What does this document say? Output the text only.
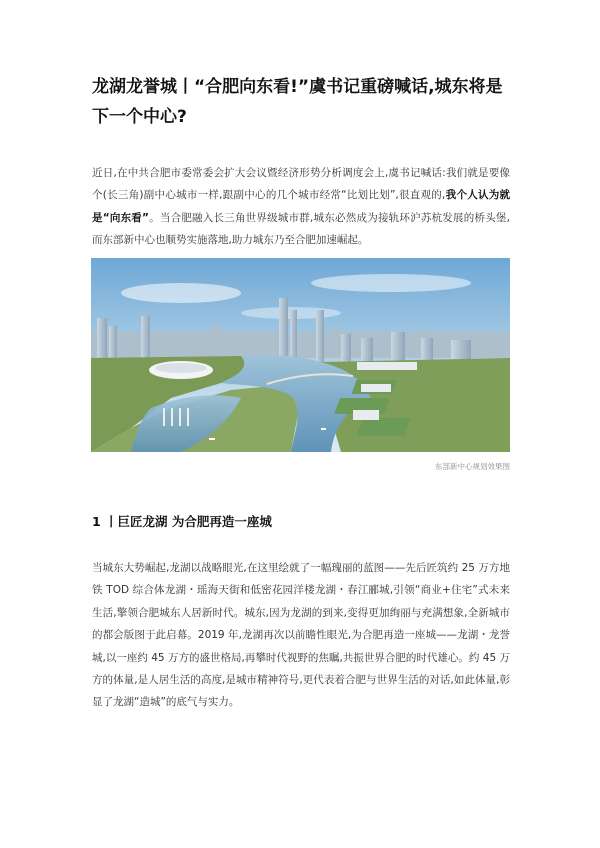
龙湖龙誉城丨“合肥向东看!”虞书记重磅喊话,城东将是下一个中心?

近日,在中共合肥市委常委会扩大会议暨经济形势分析调度会上,虞书记喊话:我们就是要像个(长三角)副中心城市一样,跟副中心的几个城市经常“比划比划”,很直观的,我个人认为就是“向东看”。当合肥融入长三角世界级城市群,城东必然成为接轨环沪苏杭发展的桥头堡,而东部新中心也顺势实施落地,助力城东乃至合肥加速崛起。

东部新中心规划效果图

1 丨巨匠龙湖 为合肥再造一座城

当城东大势崛起,龙湖以战略眼光,在这里绘就了一幅瑰丽的蓝图——先后匠筑约 25 万方地铁 TOD 综合体龙湖・瑶海天街和低密花园洋楼龙湖・春江郦城,引领“商业+住宅”式未来生活,擎领合肥城东人居新时代。城东,因为龙湖的到来,变得更加绚丽与充满想象,全新城市的都会版图于此启幕。2019 年,龙湖再次以前瞻性眼光,为合肥再造一座城——龙湖・龙誉城,以一座约 45 万方的盛世格局,再攀时代视野的焦瞩,共振世界合肥的时代雄心。约 45 万方的体量,是人居生活的高度,是城市精神符号,更代表着合肥与世界生活的对话,如此体量,彰显了龙湖“造城”的底气与实力。
